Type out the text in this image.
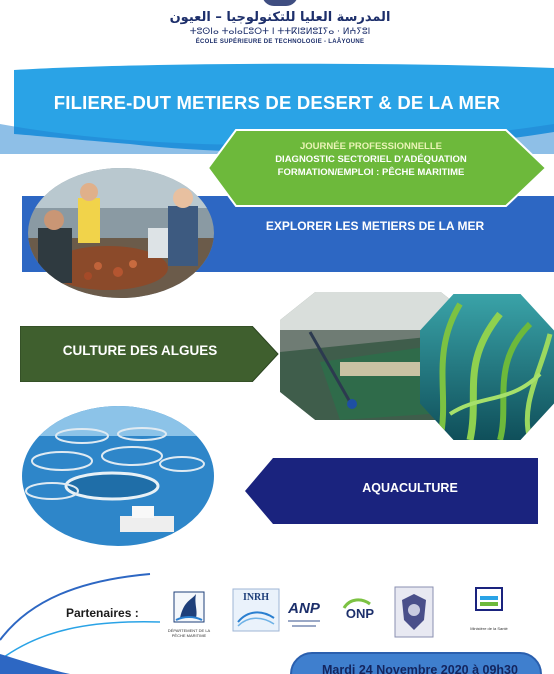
المدرسة العليا للتكنولوجيا – العيون
ⵜⵓⵙⵏⴰ ⵜⴰⵏⴰⵎⵓⵔⵜ ⵏ ⵜⵜⴽⵏⵓⵍⵓⵊⵢⴰ · ⵍⵄⵢⵓⵏ
ÉCOLE SUPÉRIEURE DE TECHNOLOGIE - LAÂYOUNE
FILIERE-DUT METIERS DE DESERT & DE LA MER
JOURNÉE PROFESSIONNELLE
DIAGNOSTIC SECTORIEL D’ADÉQUATION
FORMATION/EMPLOI : PÊCHE MARITIME
EXPLORER LES METIERS DE LA MER
CULTURE DES ALGUES
AQUACULTURE
Partenaires :
DÉPARTEMENT DE LA PÊCHE MARITIME
INRH
ANP	ONP
Ministère de la Santé
Mardi 24 Novembre 2020 à 09h30
